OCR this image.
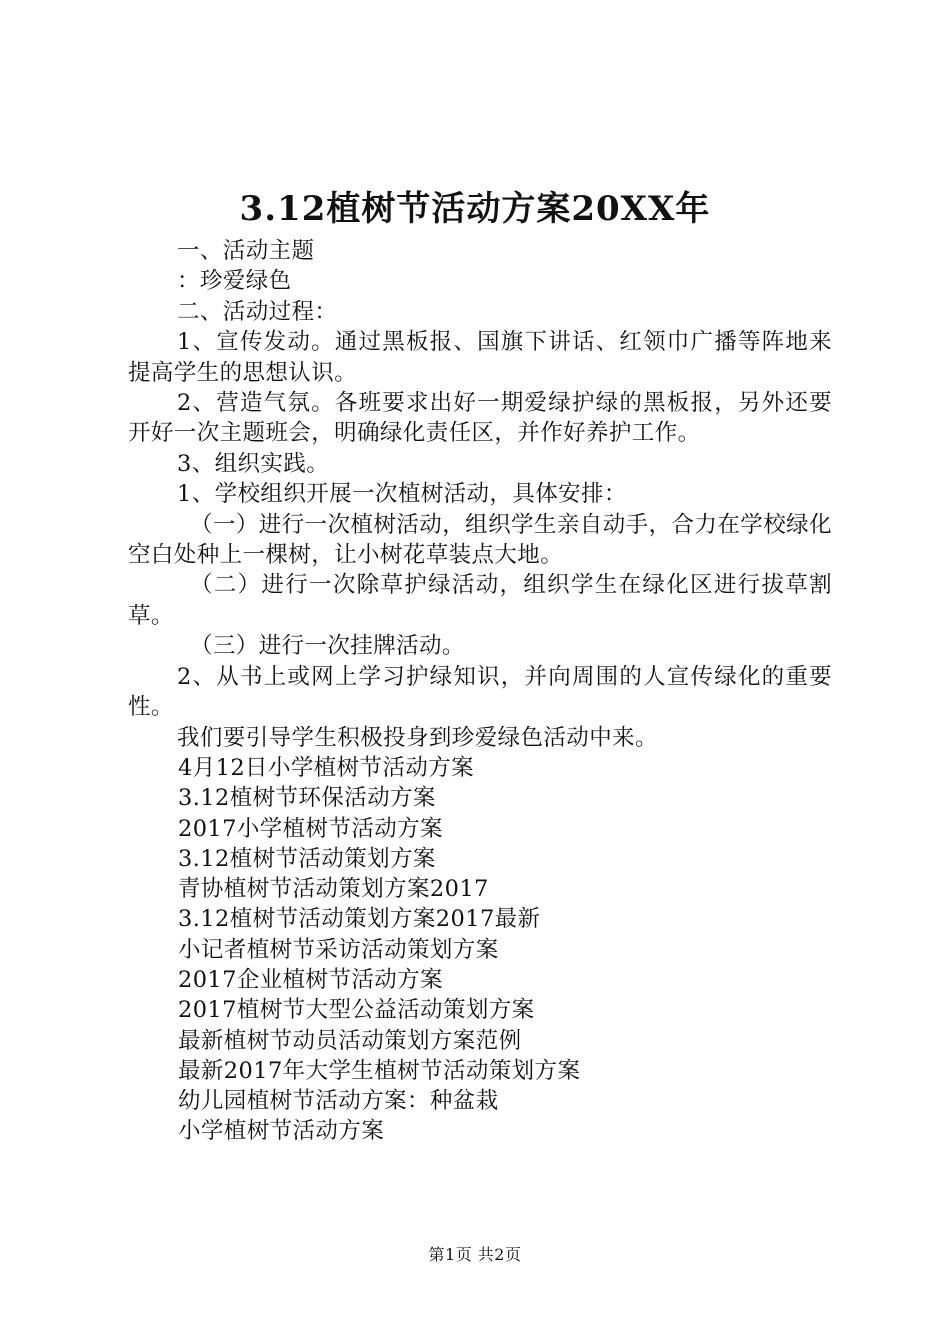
3.12植树节活动方案20XX年

一、活动主题

：珍爱绿色

二、活动过程：

1、宣传发动。通过黑板报、国旗下讲话、红领巾广播等阵地来提高学生的思想认识。

2、营造气氛。各班要求出好一期爱绿护绿的黑板报，另外还要开好一次主题班会，明确绿化责任区，并作好养护工作。

3、组织实践。

1、学校组织开展一次植树活动，具体安排：

（一）进行一次植树活动，组织学生亲自动手，合力在学校绿化空白处种上一棵树，让小树花草装点大地。

（二）进行一次除草护绿活动，组织学生在绿化区进行拔草割草。

（三）进行一次挂牌活动。

2、从书上或网上学习护绿知识，并向周围的人宣传绿化的重要性。

我们要引导学生积极投身到珍爱绿色活动中来。

4月12日小学植树节活动方案
3.12植树节环保活动方案
2017小学植树节活动方案
3.12植树节活动策划方案
青协植树节活动策划方案2017
3.12植树节活动策划方案2017最新
小记者植树节采访活动策划方案
2017企业植树节活动方案
2017植树节大型公益活动策划方案
最新植树节动员活动策划方案范例
最新2017年大学生植树节活动策划方案
幼儿园植树节活动方案：种盆栽
小学植树节活动方案
第1页 共2页
